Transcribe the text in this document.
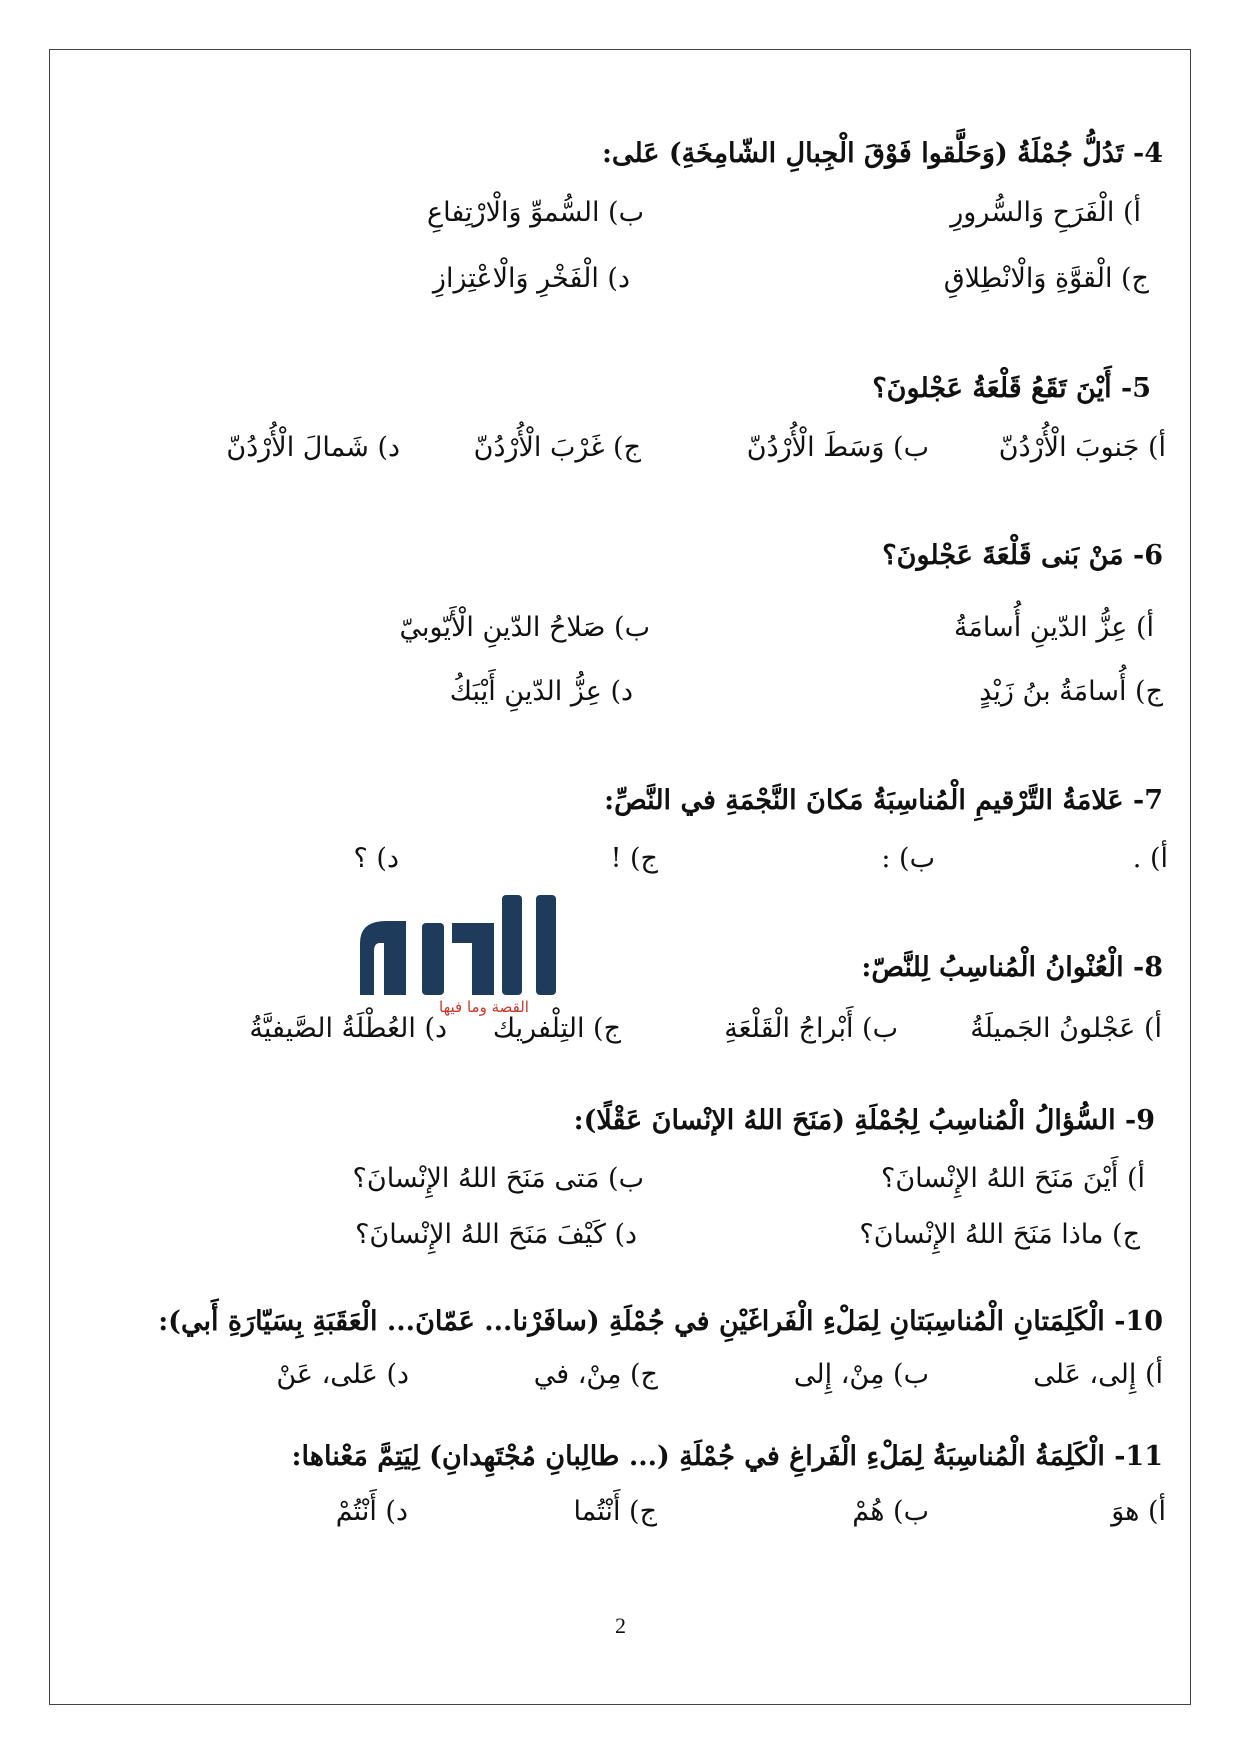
4- تَدُلُّ جُمْلَةُ (وَحَلَّقوا فَوْقَ الْجِبالِ الشّامِخَةِ) عَلى:
أ) الْفَرَحِ وَالسُّرورِ
ب) السُّموِّ وَالْارْتِفاعِ
ج) الْقوَّةِ وَالْانْطِلاقِ
د) الْفَخْرِ وَالْاعْتِزازِ
5- أَيْنَ تَقَعُ قَلْعَةُ عَجْلونَ؟
أ) جَنوبَ الْأُرْدُنّ
ب) وَسَطَ الْأُرْدُنّ
ج) غَرْبَ الْأُرْدُنّ
د) شَمالَ الْأُرْدُنّ
6- مَنْ بَنى قَلْعَةَ عَجْلونَ؟
أ) عِزُّ الدّينِ أُسامَةُ
ب) صَلاحُ الدّينِ الْأَيّوبيّ
ج) أُسامَةُ بنُ زَيْدٍ
د) عِزُّ الدّينِ أَيْبَكُ
7- عَلامَةُ التَّرْقيمِ الْمُناسِبَةُ مَكانَ النَّجْمَةِ في النَّصِّ:
أ) .
ب) :
ج) !
د) ؟
القصة وما فيها
8- الْعُنْوانُ الْمُناسِبُ لِلنَّصّ:
أ) عَجْلونُ الجَميلَةُ
ب) أَبْراجُ الْقَلْعَةِ
ج) التِلْفريك
د) العُطْلَةُ الصَّيفيَّةُ
9- السُّؤالُ الْمُناسِبُ لِجُمْلَةِ (مَنَحَ اللهُ الإنْسانَ عَقْلًا):
أ) أَيْنَ مَنَحَ اللهُ الإِنْسانَ؟
ب) مَتى مَنَحَ اللهُ الإِنْسانَ؟
ج) ماذا مَنَحَ اللهُ الإِنْسانَ؟
د) كَيْفَ مَنَحَ اللهُ الإِنْسانَ؟
10- الْكَلِمَتانِ الْمُناسِبَتانِ لِمَلْءِ الْفَراغَيْنِ في جُمْلَةِ (سافَرْنا... عَمّانَ... الْعَقَبَةِ بِسَيّارَةِ أَبي):
أ) إِلى، عَلى
ب) مِنْ، إِلى
ج) مِنْ، في
د) عَلى، عَنْ
11- الْكَلِمَةُ الْمُناسِبَةُ لِمَلْءِ الْفَراغِ في جُمْلَةِ (... طالِبانِ مُجْتَهِدانِ) لِيَتِمَّ مَعْناها:
أ) هوَ
ب) هُمْ
ج) أَنْتُما
د) أَنْتُمْ
2
